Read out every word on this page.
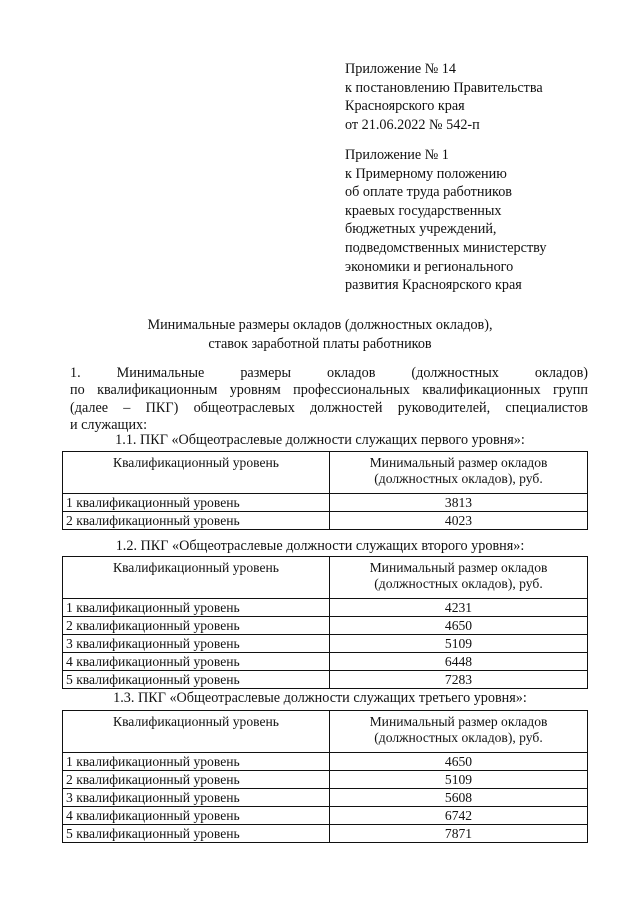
Приложение № 14

к постановлению Правительства

Красноярского края

от 21.06.2022 № 542-п

Приложение № 1

к Примерному положению

об оплате труда работников

краевых государственных

бюджетных учреждений,

подведомственных министерству

экономики и регионального

развития Красноярского края

Минимальные размеры окладов (должностных окладов),

ставок заработной платы работников

1.     Минимальные     размеры     окладов     (должностных     окладов)
по квалификационным уровням профессиональных квалификационных групп
(далее – ПКГ) общеотраслевых должностей руководителей, специалистов
и служащих:
1.1. ПКГ «Общеотраслевые должности служащих первого уровня»:
Квалификационный уровень	Минимальный размер окладов
(должностных окладов), руб.
1 квалификационный уровень	3813
2 квалификационный уровень	4023
1.2. ПКГ «Общеотраслевые должности служащих второго уровня»:
Квалификационный уровень	Минимальный размер окладов
(должностных окладов), руб.
1 квалификационный уровень	4231
2 квалификационный уровень	4650
3 квалификационный уровень	5109
4 квалификационный уровень	6448
5 квалификационный уровень	7283
1.3. ПКГ «Общеотраслевые должности служащих третьего уровня»:
Квалификационный уровень	Минимальный размер окладов
(должностных окладов), руб.
1 квалификационный уровень	4650
2 квалификационный уровень	5109
3 квалификационный уровень	5608
4 квалификационный уровень	6742
5 квалификационный уровень	7871
